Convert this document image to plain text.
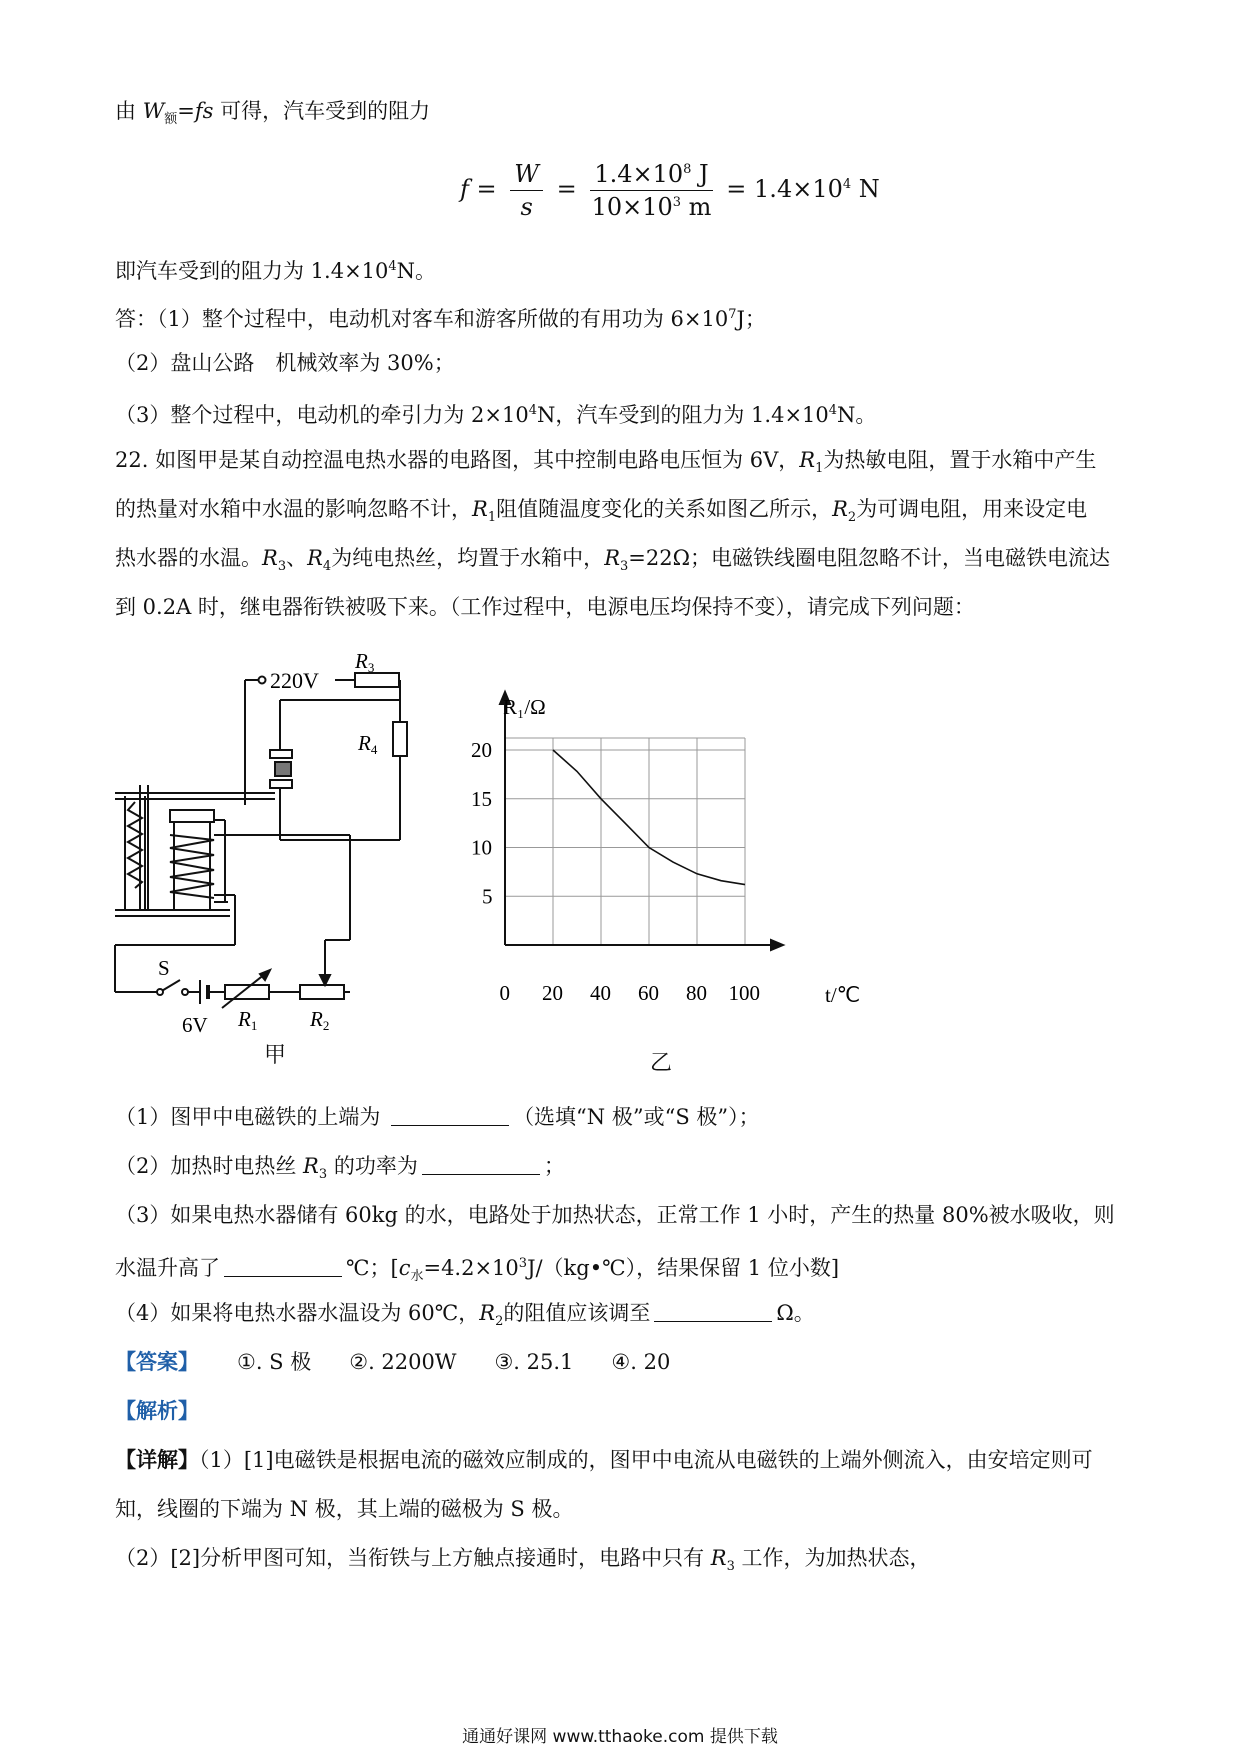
由 $W_额=fs$ 可得，汽车受到的阻力
$f = \frac{W}{s} = \frac{1.4\times 10^8 J}{10\times 10^3 m} = 1.4\times 10^4$ N
即汽车受到的阻力为 $1.4\times 10^4N$。
答：（1）整个过程中，电动机对客车和游客所做的有用功为 $6\times 10^7J$；
（2）盘山公路　机械效率为 30%；
（3）整个过程中，电动机的牵引力为 $2\times 10^4N$，汽车受到的阻力为 $1.4\times 10^4N$。
22. 如图甲是某自动控温电热水器的电路图，其中控制电路电压恒为 6V，$R_1$为热敏电阻，置于水箱中产生
的热量对水箱中水温的影响忽略不计，$R_1$阻值随温度变化的关系如图乙所示，$R_2$为可调电阻，用来设定电
热水器的水温。$R_3$、$R_4$为纯电热丝，均置于水箱中，$R_3=22\Omega$；电磁铁线圈电阻忽略不计，当电磁铁电流达
到 0.2A 时，继电器衔铁被吸下来。（工作过程中，电源电压均保持不变），请完成下列问题：
220V
R3
R4
S
6V R1	R2
甲
0 20 40 60 80 100
5
10
15
20
R₁/Ω
t/℃
乙
（1）图甲中电磁铁的上端为	（选填“N 极”或“S 极”）；
（2）加热时电热丝 $R_3$ 的功率为	；
（3）如果电热水器储有 60kg 的水，电路处于加热状态，正常工作 1 小时，产生的热量 80%被水吸收，则
水温升高了	℃；[$c_水=4.2\times 10^3J/(kg•℃)$，结果保留 1 位小数]
（4）如果将电热水器水温设为 60℃，$R_2$的阻值应该调至	Ω。
【答案】 ①. S 极 ②. 2200W ③. 25.1 ④. 20
【解析】
【详解】（1）[1]电磁铁是根据电流的磁效应制成的，图甲中电流从电磁铁的上端外侧流入，由安培定则可
知，线圈的下端为 N 极，其上端的磁极为 S 极。
（2）[2]分析甲图可知，当衔铁与上方触点接通时，电路中只有 $R_3$ 工作，为加热状态，
通通好课网 www.tthaoke.com 提供下载
